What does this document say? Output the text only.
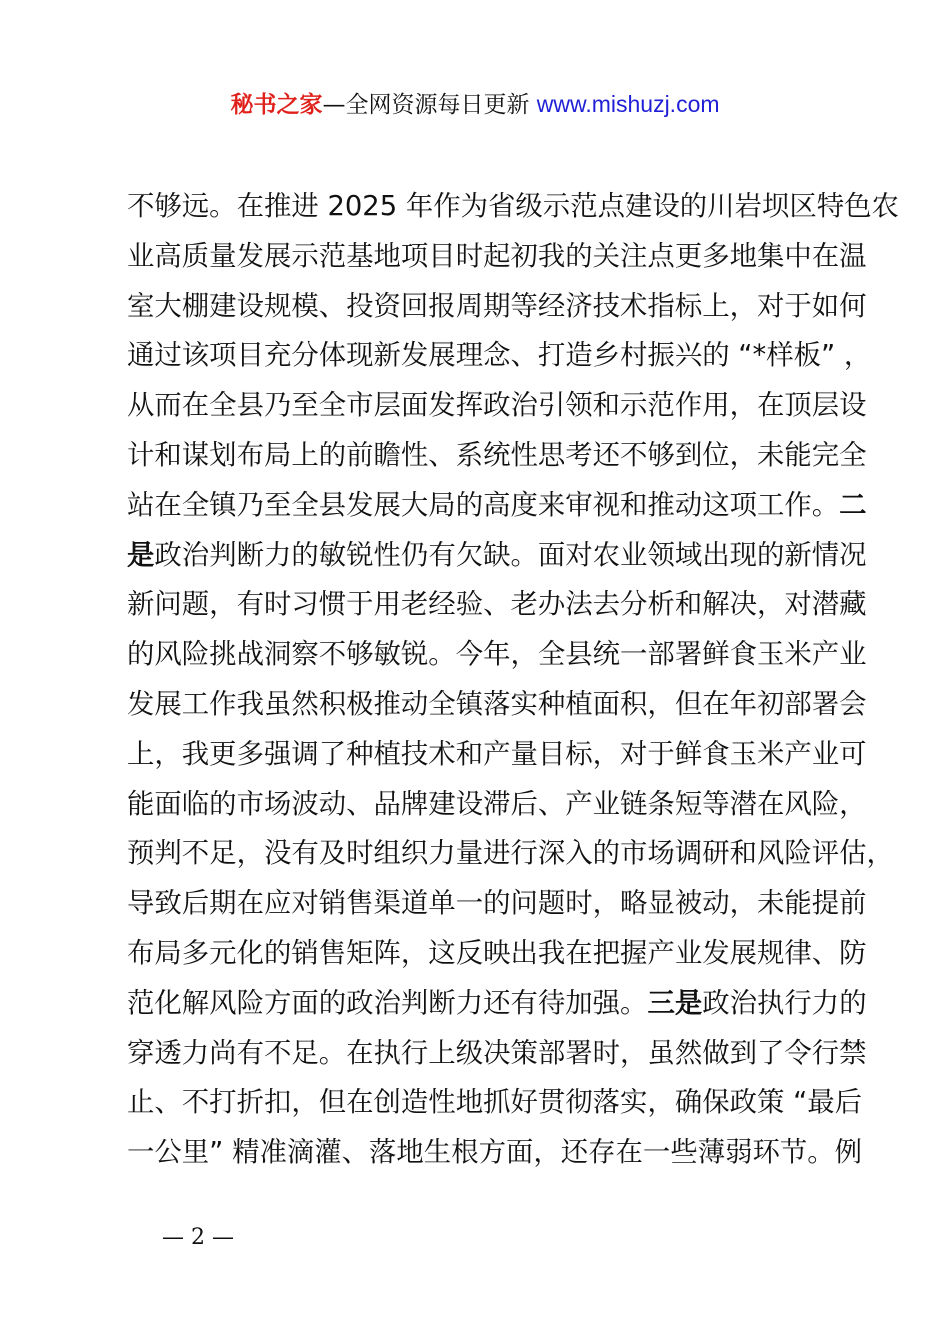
秘书之家—全网资源每日更新 www.mishuzj.com
不够远。在推进 2025 年作为省级示范点建设的川岩坝区特色农
业高质量发展示范基地项目时起初我的关注点更多地集中在温
室大棚建设规模、投资回报周期等经济技术指标上，对于如何
通过该项目充分体现新发展理念、打造乡村振兴的 “*样板” ，
从而在全县乃至全市层面发挥政治引领和示范作用，在顶层设
计和谋划布局上的前瞻性、系统性思考还不够到位，未能完全
站在全镇乃至全县发展大局的高度来审视和推动这项工作。二
是政治判断力的敏锐性仍有欠缺。面对农业领域出现的新情况
新问题，有时习惯于用老经验、老办法去分析和解决，对潜藏
的风险挑战洞察不够敏锐。今年，全县统一部署鲜食玉米产业
发展工作我虽然积极推动全镇落实种植面积，但在年初部署会
上，我更多强调了种植技术和产量目标，对于鲜食玉米产业可
能面临的市场波动、品牌建设滞后、产业链条短等潜在风险，
预判不足，没有及时组织力量进行深入的市场调研和风险评估，
导致后期在应对销售渠道单一的问题时，略显被动，未能提前
布局多元化的销售矩阵，这反映出我在把握产业发展规律、防
范化解风险方面的政治判断力还有待加强。三是政治执行力的
穿透力尚有不足。在执行上级决策部署时，虽然做到了令行禁
止、不打折扣，但在创造性地抓好贯彻落实，确保政策 “最后
一公里” 精准滴灌、落地生根方面，还存在一些薄弱环节。例
— 2 —
